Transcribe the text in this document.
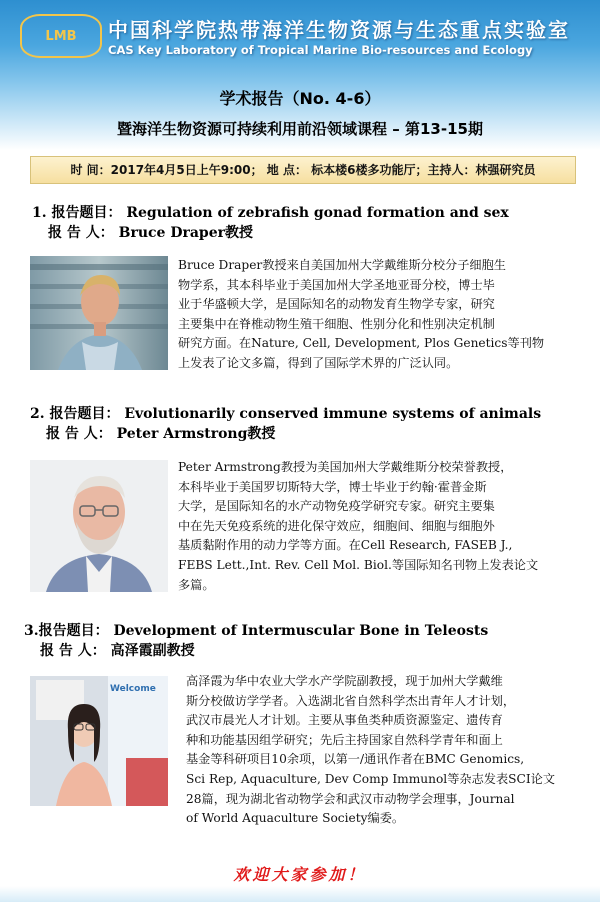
LMB	中国科学院热带海洋生物资源与生态重点实验室
CAS Key Laboratory of Tropical Marine Bio-resources and Ecology
学术报告（No. 4-6）
暨海洋生物资源可持续利用前沿领域课程 – 第13-15期
时 间：2017年4月5日上午9:00； 地 点： 标本楼6楼多功能厅；主持人：林强研究员
1. 报告题目： Regulation of zebrafish gonad formation and sex
报 告 人： Bruce Draper教授
Bruce Draper教授来自美国加州大学戴维斯分校分子细胞生
物学系，其本科毕业于美国加州大学圣地亚哥分校，博士毕
业于华盛顿大学，是国际知名的动物发育生物学专家，研究
主要集中在脊椎动物生殖干细胞、性别分化和性别决定机制
研究方面。在Nature, Cell, Development, Plos Genetics等刊物
上发表了论文多篇，得到了国际学术界的广泛认同。
2. 报告题目： Evolutionarily conserved immune systems of animals
报 告 人： Peter Armstrong教授
Peter Armstrong教授为美国加州大学戴维斯分校荣誉教授，
本科毕业于美国罗切斯特大学，博士毕业于约翰·霍普金斯
大学，是国际知名的水产动物免疫学研究专家。研究主要集
中在先天免疫系统的进化保守效应，细胞间、细胞与细胞外
基质黏附作用的动力学等方面。在Cell Research, FASEB J.,
FEBS Lett.,Int. Rev. Cell Mol. Biol.等国际知名刊物上发表论文
多篇。
3.报告题目： Development of Intermuscular Bone in Teleosts
报 告 人： 高泽霞副教授
Welcome
高泽霞为华中农业大学水产学院副教授，现于加州大学戴维
斯分校做访学学者。入选湖北省自然科学杰出青年人才计划，
武汉市晨光人才计划。主要从事鱼类种质资源鉴定、遗传育
种和功能基因组学研究；先后主持国家自然科学青年和面上
基金等科研项目10余项，以第一/通讯作者在BMC Genomics,
Sci Rep, Aquaculture, Dev Comp Immunol等杂志发表SCI论文
28篇，现为湖北省动物学会和武汉市动物学会理事，Journal
of World Aquaculture Society编委。
欢迎大家参加！
